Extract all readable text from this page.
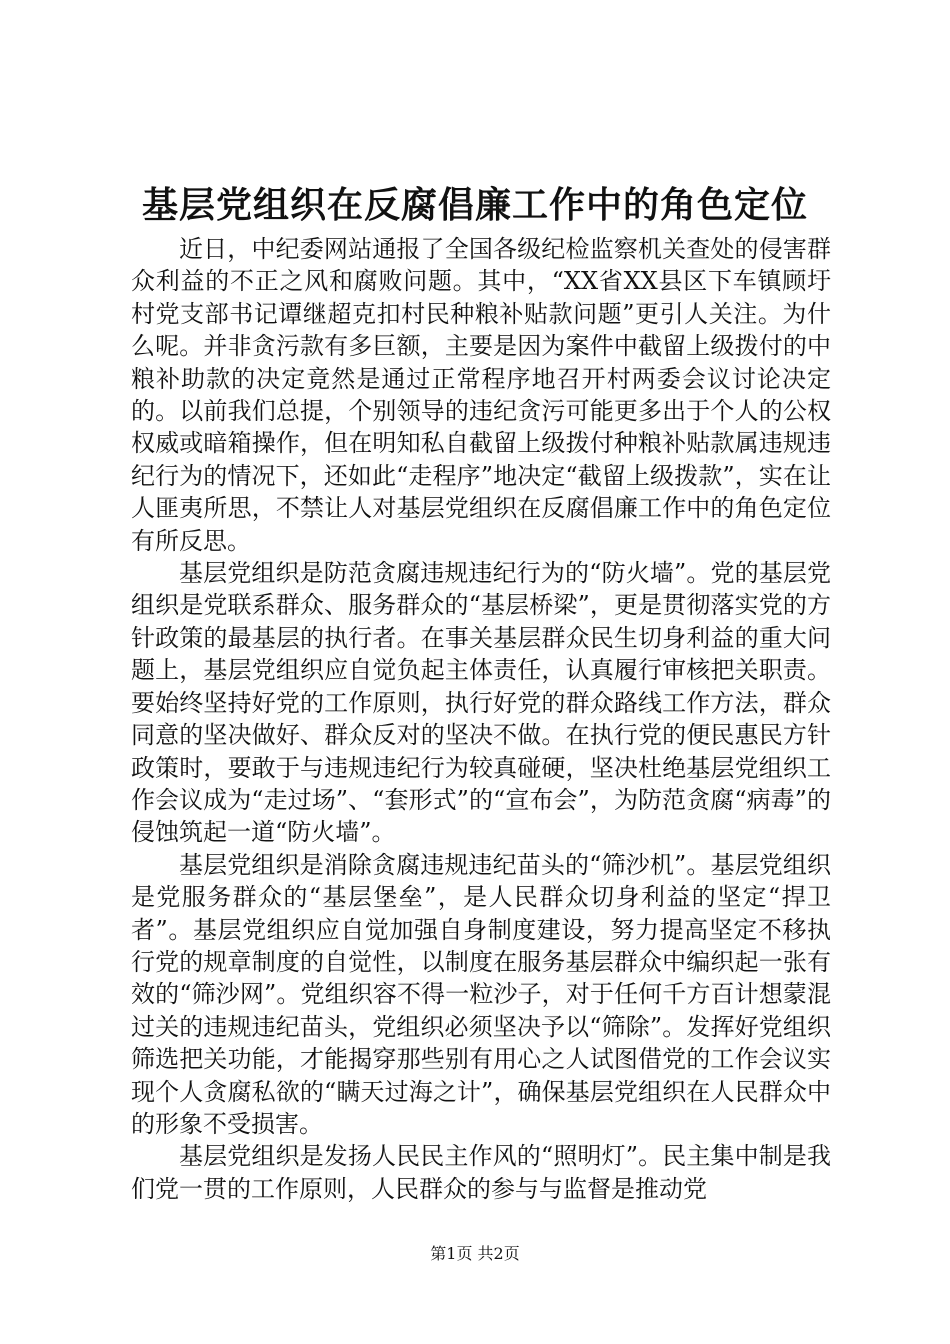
基层党组织在反腐倡廉工作中的角色定位

近日，中纪委网站通报了全国各级纪检监察机关查处的侵害群众利益的不正之风和腐败问题。其中，“XX省XX县区下车镇顾圩村党支部书记谭继超克扣村民种粮补贴款问题”更引人关注。为什么呢。并非贪污款有多巨额，主要是因为案件中截留上级拨付的中粮补助款的决定竟然是通过正常程序地召开村两委会议讨论决定的。以前我们总提，个别领导的违纪贪污可能更多出于个人的公权权威或暗箱操作，但在明知私自截留上级拨付种粮补贴款属违规违纪行为的情况下，还如此“走程序”地决定“截留上级拨款”，实在让人匪夷所思，不禁让人对基层党组织在反腐倡廉工作中的角色定位有所反思。

基层党组织是防范贪腐违规违纪行为的“防火墙”。党的基层党组织是党联系群众、服务群众的“基层桥梁”，更是贯彻落实党的方针政策的最基层的执行者。在事关基层群众民生切身利益的重大问题上，基层党组织应自觉负起主体责任，认真履行审核把关职责。要始终坚持好党的工作原则，执行好党的群众路线工作方法，群众同意的坚决做好、群众反对的坚决不做。在执行党的便民惠民方针政策时，要敢于与违规违纪行为较真碰硬，坚决杜绝基层党组织工作会议成为“走过场”、“套形式”的“宣布会”，为防范贪腐“病毒”的侵蚀筑起一道“防火墙”。

基层党组织是消除贪腐违规违纪苗头的“筛沙机”。基层党组织是党服务群众的“基层堡垒”，是人民群众切身利益的坚定“捍卫者”。基层党组织应自觉加强自身制度建设，努力提高坚定不移执行党的规章制度的自觉性，以制度在服务基层群众中编织起一张有效的“筛沙网”。党组织容不得一粒沙子，对于任何千方百计想蒙混过关的违规违纪苗头，党组织必须坚决予以“筛除”。发挥好党组织筛选把关功能，才能揭穿那些别有用心之人试图借党的工作会议实现个人贪腐私欲的“瞒天过海之计”，确保基层党组织在人民群众中的形象不受损害。

基层党组织是发扬人民民主作风的“照明灯”。民主集中制是我们党一贯的工作原则，人民群众的参与与监督是推动党

第1页 共2页
